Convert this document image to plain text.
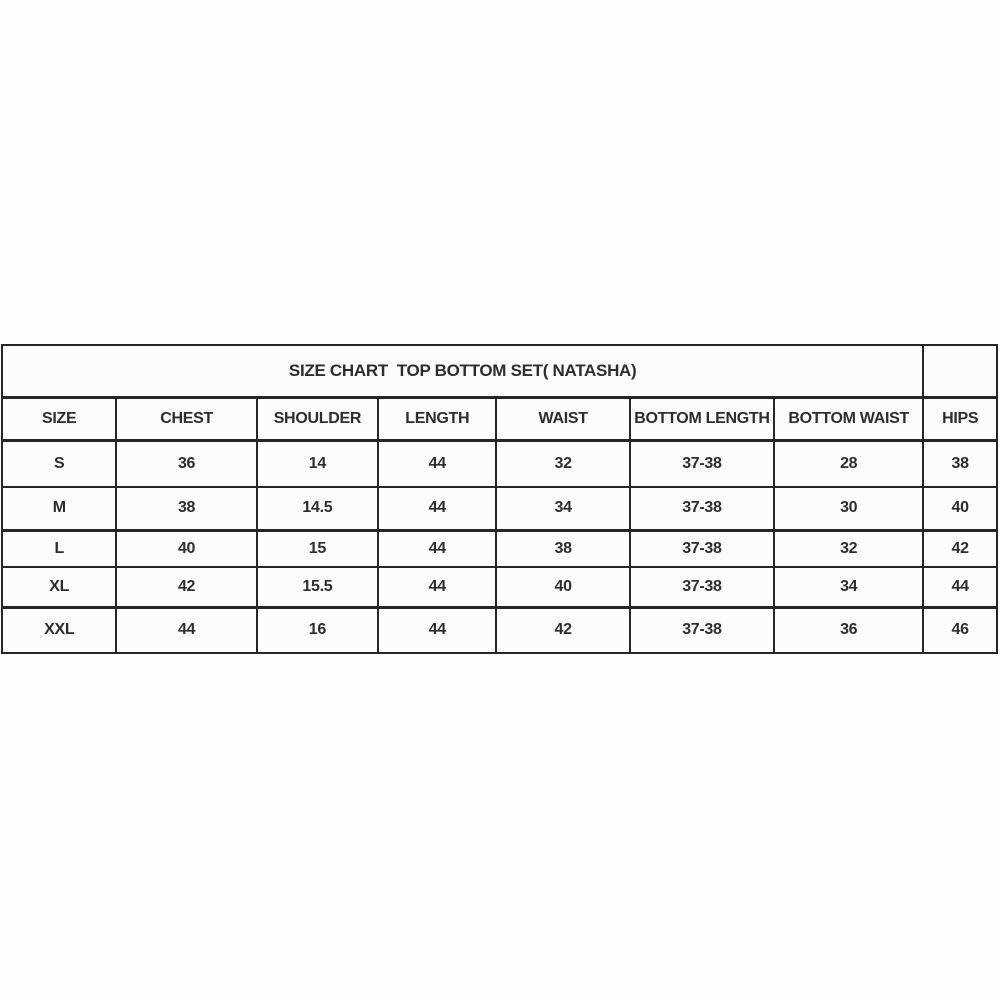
SIZE CHART  TOP BOTTOM SET( NATASHA)							
SIZE	CHEST	SHOULDER	LENGTH	WAIST	BOTTOM LENGTH	BOTTOM WAIST	HIPS
S	36	14	44	32	37-38	28	38
M	38	14.5	44	34	37-38	30	40
L	40	15	44	38	37-38	32	42
XL	42	15.5	44	40	37-38	34	44
XXL	44	16	44	42	37-38	36	46
